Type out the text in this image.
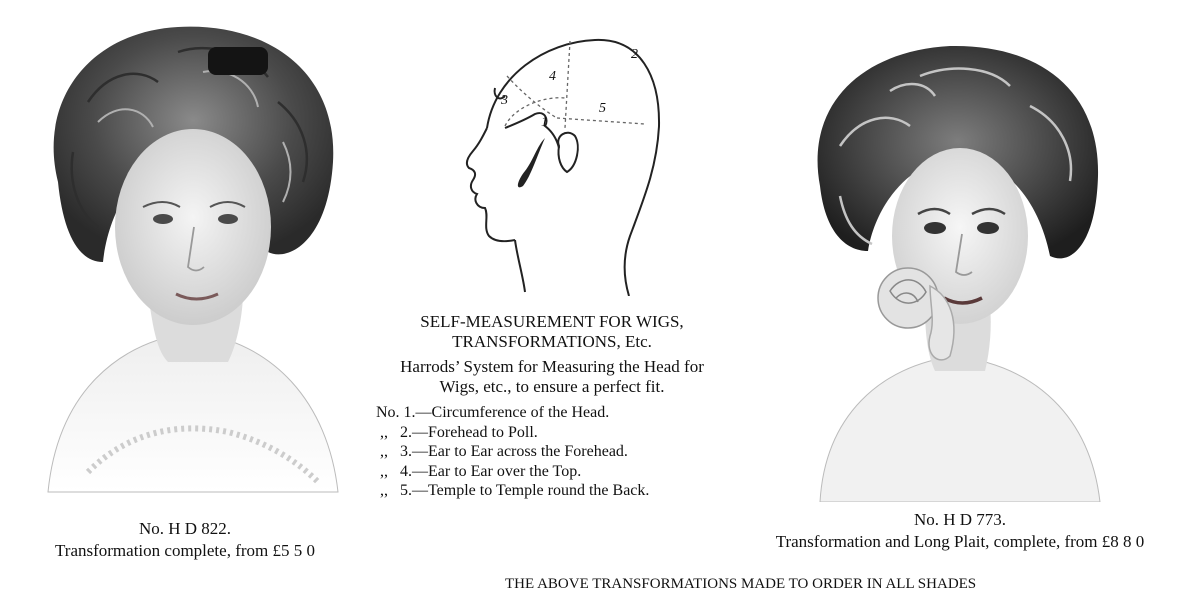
1
2
3
4
5
No. H D 822.
Transformation complete, from £5 5 0
No. H D 773.
Transformation and Long Plait, complete, from £8 8 0
SELF-MEASUREMENT FOR WIGS,
TRANSFORMATIONS, Etc.
Harrods’ System for Measuring the Head for
Wigs, etc., to ensure a perfect fit.
No. 1.—Circumference of the Head.
,,   2.—Forehead to Poll.
,,   3.—Ear to Ear across the Forehead.
,,   4.—Ear to Ear over the Top.
,,   5.—Temple to Temple round the Back.
THE ABOVE TRANSFORMATIONS MADE TO ORDER IN ALL SHADES
